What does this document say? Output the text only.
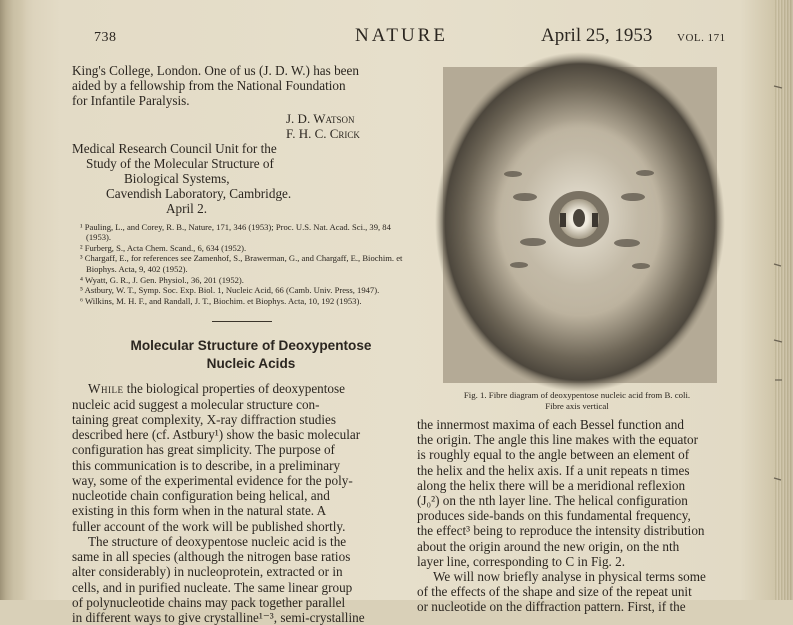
738	NATURE	April 25, 1953 VOL. 171
King's College, London. One of us (J. D. W.) has been
aided by a fellowship from the National Foundation
for Infantile Paralysis.
J. D. Watson
F. H. C. Crick
Medical Research Council Unit for the
Study of the Molecular Structure of
Biological Systems,
Cavendish Laboratory, Cambridge.
April 2.
¹ Pauling, L., and Corey, R. B., Nature, 171, 346 (1953); Proc. U.S. Nat. Acad. Sci., 39, 84 (1953).
² Furberg, S., Acta Chem. Scand., 6, 634 (1952).
³ Chargaff, E., for references see Zamenhof, S., Brawerman, G., and Chargaff, E., Biochim. et Biophys. Acta, 9, 402 (1952).
⁴ Wyatt, G. R., J. Gen. Physiol., 36, 201 (1952).
⁵ Astbury, W. T., Symp. Soc. Exp. Biol. 1, Nucleic Acid, 66 (Camb. Univ. Press, 1947).
⁶ Wilkins, M. H. F., and Randall, J. T., Biochim. et Biophys. Acta, 10, 192 (1953).
Molecular Structure of Deoxypentose
Nucleic Acids
While the biological properties of deoxypentose
nucleic acid suggest a molecular structure con-
taining great complexity, X-ray diffraction studies
described here (cf. Astbury¹) show the basic molecular
configuration has great simplicity. The purpose of
this communication is to describe, in a preliminary
way, some of the experimental evidence for the poly-
nucleotide chain configuration being helical, and
existing in this form when in the natural state. A
fuller account of the work will be published shortly.
The structure of deoxypentose nucleic acid is the
same in all species (although the nitrogen base ratios
alter considerably) in nucleoprotein, extracted or in
cells, and in purified nucleate. The same linear group
of polynucleotide chains may pack together parallel
in different ways to give crystalline¹⁻³, semi-crystalline
Fig. 1. Fibre diagram of deoxypentose nucleic acid from B. coli.
Fibre axis vertical
the innermost maxima of each Bessel function and
the origin. The angle this line makes with the equator
is roughly equal to the angle between an element of
the helix and the helix axis. If a unit repeats n times
along the helix there will be a meridional reflexion
(J₀²) on the nth layer line. The helical configuration
produces side-bands on this fundamental frequency,
the effect³ being to reproduce the intensity distribution
about the origin around the new origin, on the nth
layer line, corresponding to C in Fig. 2.
We will now briefly analyse in physical terms some
of the effects of the shape and size of the repeat unit
or nucleotide on the diffraction pattern. First, if the
